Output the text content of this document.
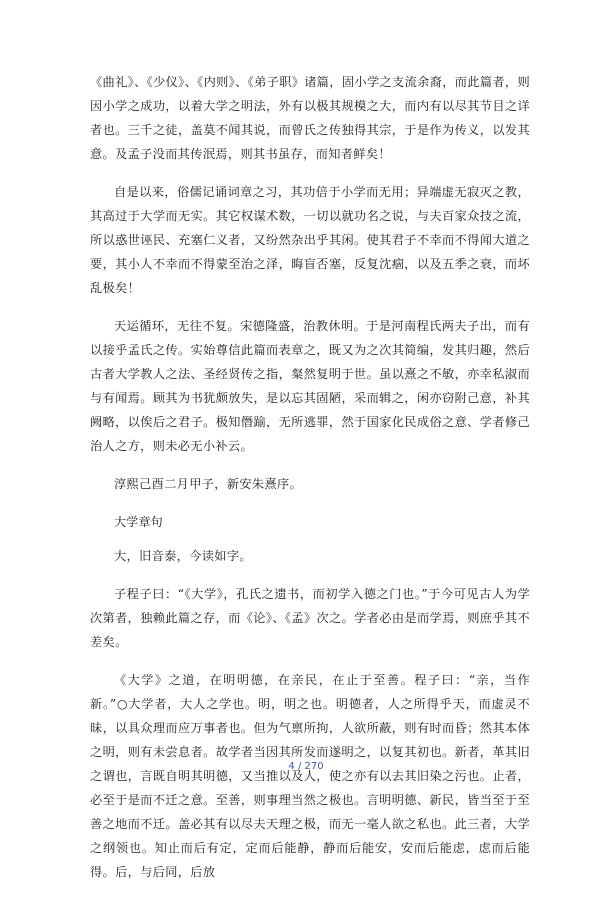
《曲礼》、《少仪》、《内则》、《弟子职》诸篇，固小学之支流余裔，而此篇者，则因小学之成功，以着大学之明法，外有以极其规模之大，而内有以尽其节目之详者也。三千之徒，盖莫不闻其说，而曾氏之传独得其宗，于是作为传义，以发其意。及孟子没而其传泯焉，则其书虽存，而知者鲜矣！

自是以来，俗儒记诵词章之习，其功倍于小学而无用；异端虚无寂灭之教，其高过于大学而无实。其它权谋术数，一切以就功名之说，与夫百家众技之流，所以惑世诬民、充塞仁义者，又纷然杂出乎其闲。使其君子不幸而不得闻大道之要，其小人不幸而不得蒙至治之泽，晦盲否塞，反复沈痼，以及五季之衰，而坏乱极矣！

天运循环，无往不复。宋德隆盛，治教休明。于是河南程氏两夫子出，而有以接乎孟氏之传。实始尊信此篇而表章之，既又为之次其简编，发其归趣，然后古者大学教人之法、圣经贤传之指，粲然复明于世。虽以熹之不敏，亦幸私淑而与有闻焉。顾其为书犹颇放失，是以忘其固陋，采而辑之，闲亦窃附己意，补其阙略，以俟后之君子。极知僭踰，无所逃罪，然于国家化民成俗之意、学者修己治人之方，则未必无小补云。

淳熙己酉二月甲子，新安朱熹序。

大学章句

大，旧音泰，今读如字。

子程子曰：“《大学》，孔氏之遗书，而初学入德之门也。”于今可见古人为学次第者，独赖此篇之存，而《论》、《孟》次之。学者必由是而学焉，则庶乎其不差矣。

《大学》之道，在明明德，在亲民，在止于至善。程子曰：“亲，当作新。”○大学者，大人之学也。明，明之也。明德者，人之所得乎天，而虚灵不昧，以具众理而应万事者也。但为气禀所拘，人欲所蔽，则有时而昏；然其本体之明，则有未尝息者。故学者当因其所发而遂明之，以复其初也。新者，革其旧之谓也，言既自明其明德，又当推以及人，使之亦有以去其旧染之污也。止者，必至于是而不迁之意。至善，则事理当然之极也。言明明德、新民，皆当至于至善之地而不迁。盖必其有以尽夫天理之极，而无一毫人欲之私也。此三者，大学之纲领也。知止而后有定，定而后能静，静而后能安，安而后能虑，虑而后能得。后，与后同，后放

4 / 270
